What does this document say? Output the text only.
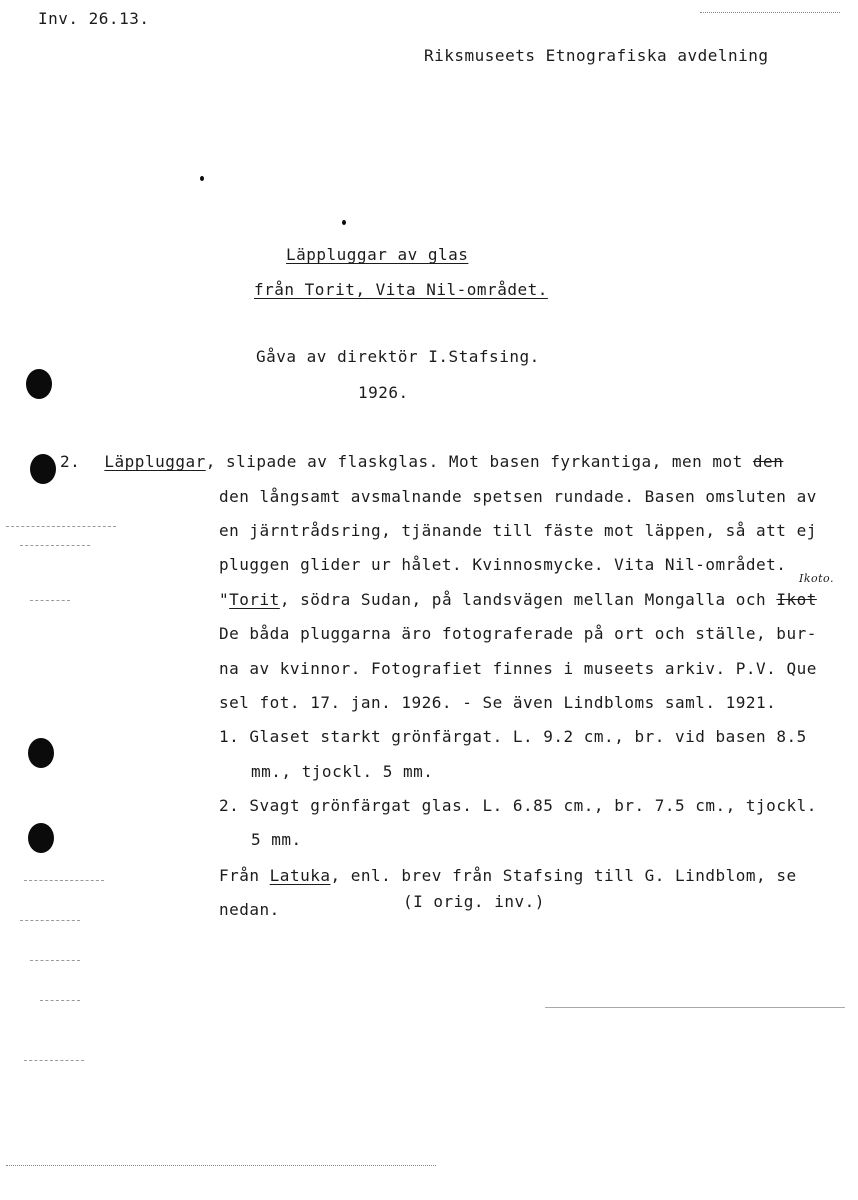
Inv. 26.13.
Riksmuseets Etnografiska avdelning
Läppluggar av glas
från Torit, Vita Nil-området.
Gåva av direktör I.Stafsing.
1926.
2. Läppluggar, slipade av flaskglas. Mot basen fyrkantiga, men mot den
den långsamt avsmalnande spetsen rundade. Basen omsluten av
en järntrådsring, tjänande till fäste mot läppen, så att ej
pluggen glider ur hålet. Kvinnosmycke. Vita Nil-området.
Ikoto.
"Torit, södra Sudan, på landsvägen mellan Mongalla och Ikot
De båda pluggarna äro fotograferade på ort och ställe, bur-
na av kvinnor. Fotografiet finnes i museets arkiv. P.V. Que
sel fot. 17. jan. 1926. - Se även Lindbloms saml. 1921.
1. Glaset starkt grönfärgat. L. 9.2 cm., br. vid basen 8.5
mm., tjockl. 5 mm.
2. Svagt grönfärgat glas. L. 6.85 cm., br. 7.5 cm., tjockl.
5 mm.
Från Latuka, enl. brev från Stafsing till G. Lindblom, se
nedan.	(I orig. inv.)
